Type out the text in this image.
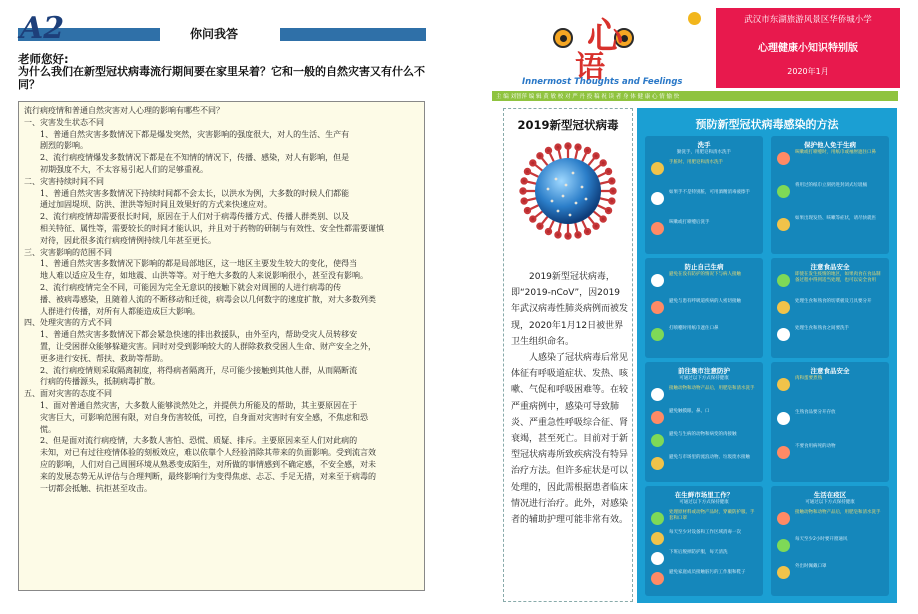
A2	你问我答
老师您好:
为什么我们在新型冠状病毒流行期间要在家里呆着？它和一般的自然灾害又有什么不同？
流行病疫情和普通自然灾害对人心理的影响有哪些不同？
一、灾害发生状态不同
1、普通自然灾害多数情况下都是爆发突然，灾害影响的强度很大，对人的生活、生产有
剧烈的影响。
2、流行病疫情爆发多数情况下都是在不知情的情况下，传播、感染，对人有影响，但是
初期强度不大，不太容易引起人们的足够重视。
二、灾害持续时间不同
1、普通自然灾害多数情况下持续时间都不会太长，以洪水为例，大多数的时候人们都能
通过加固堤坝、防洪、泄洪等短时间且效果好的方式来快速应对。
2、流行病疫情却需要很长时间，原因在于人们对于病毒传播方式、传播人群类别、以及
相关特征、属性等，需要较长的时间才能认识，并且对于药物的研制与有效性、安全性都需要谨慎
对待，因此很多流行病疫情例持续几年甚至更长。
三、灾害影响的范围不同
1、普通自然灾害多数情况下影响的都是局部地区，这一地区主要发生较大的变化，使得当
地人难以适应及生存，如地震、山洪等等。对于绝大多数的人来说影响很小，甚至没有影响。
2、流行病疫情完全不同，可能因为完全无意识的接触下就会对周围的人进行病毒的传
播、被病毒感染，且随着人流的不断移动和迁徙，病毒会以几何数字的速度扩散，对大多数列类
人群进行传播，对所有人都能造成巨大影响。
四、处理灾害的方式不同
1、普通自然灾害多数情况下都会紧急快速的排出救援队，由外至内，帮助受灾人员转移安
置，让受困群众能够躲避灾害。同时对受到影响较大的人群除救救受困人生命、财产安全之外，
更多进行安抚、帮扶、救助等帮助。
2、流行病疫情则采取隔离制度，将得病者隔离开，尽可能少接触到其他人群，从而隔断流
行病的传播源头，抵制病毒扩散。
五、面对灾害的态度不同
1、面对普通自然灾害，大多数人能够淡然处之，并提供力所能及的帮助，其主要原因在于
灾害巨大，可影响范围有限，对自身伤害较低，可控，自身面对灾害时有安全感，不焦虑和恐
慌。
2、但是面对流行病疫情，大多数人害怕、恐慌、质疑、排斥。主要原因来至人们对此病的
未知，对已有过往疫情体验的刻板效应，难以依靠个人经验消除其带来的负面影响。受到流言效
应的影响，人们对自己周围环境从熟悉变成陌生，对所做的事情感到不确定感，不安全感，对未
来的发展态势无从评估与合理判断，最终影响行为变得焦虑、忐忑、手足无措，对来至于病毒的
一切都会抵触、抗拒甚至攻击。
心
语
Innermost Thoughts and Feelings
武汉市东湖旅游风景区华侨城小学
心理健康小知识特别版
2020年1月
主 编 刘智萍 编 辑 黄 敏 校 对 严 丹 投 稿 祝 读 者 身 体 健 康 心 情 愉 快
2019新型冠状病毒

2019新型冠状病毒，即“2019-nCoV”，因2019年武汉病毒性肺炎病例而被发现，2020年1月12日被世界卫生组织命名。

人感染了冠状病毒后常见体征有呼吸道症状、发热、咳嗽、气促和呼吸困难等。在较严重病例中，感染可导致肺炎、严重急性呼吸综合征、肾衰竭，甚至死亡。目前对于新型冠状病毒所致疾病没有特异治疗方法。但许多症状是可以处理的，因此需根据患者临床情况进行治疗。此外，对感染者的辅助护理可能非常有效。

预防新型冠状病毒感染的方法
洗手
勤洗手，用肥皂和清水洗手
手脏时、用肥皂和清水洗手
如果手不是特别脏，可用酒精消毒液擦手
咳嗽或打喷嚏后洗手
防止自己生病
避免在没有防护的情况下与病人接触
避免与患有呼吸道疾病的人密切接触
打喷嚏时用纸巾遮住口鼻
保护他人免于生病
咳嗽或打喷嚏时，用纸巾或袖肘遮住口鼻
将用过的纸巾立刻扔进封闭式垃圾桶
如果出现发热、咳嗽等症状，请尽快就医
注意食品安全
即使在发生疫情的地区，如果肉食在食品制备过程中得到适当处理，也可以安全食用
处理生食和熟食的切菜板及刀具要分开
处理生食和熟食之间要洗手
注意食品安全
肉和蛋要煮熟
生熟食品要分开存放
不要食用病死的动物
前往集市注意防护
可通过以下方式保持健康
接触动物和动物产品后，用肥皂和清水洗手
避免触摸眼、鼻、口
避免与生病的动物和病变的肉接触
避免与市场里的流浪动物、垃圾废水接触
生活在疫区
可通过以下方式保持健康
接触动物和动物产品后，用肥皂和清水洗手
每天至少2小时要开窗通风
外出时佩戴口罩
在生鲜市场里工作？
可通过以下方式保持健康
处理原材料或动物产品时，穿戴防护服、手套和口罩
每天至少对设备和工作区域消毒一次
下班后脱掉防护服，每天清洗
避免家庭成员接触脏污的工作服和鞋子
